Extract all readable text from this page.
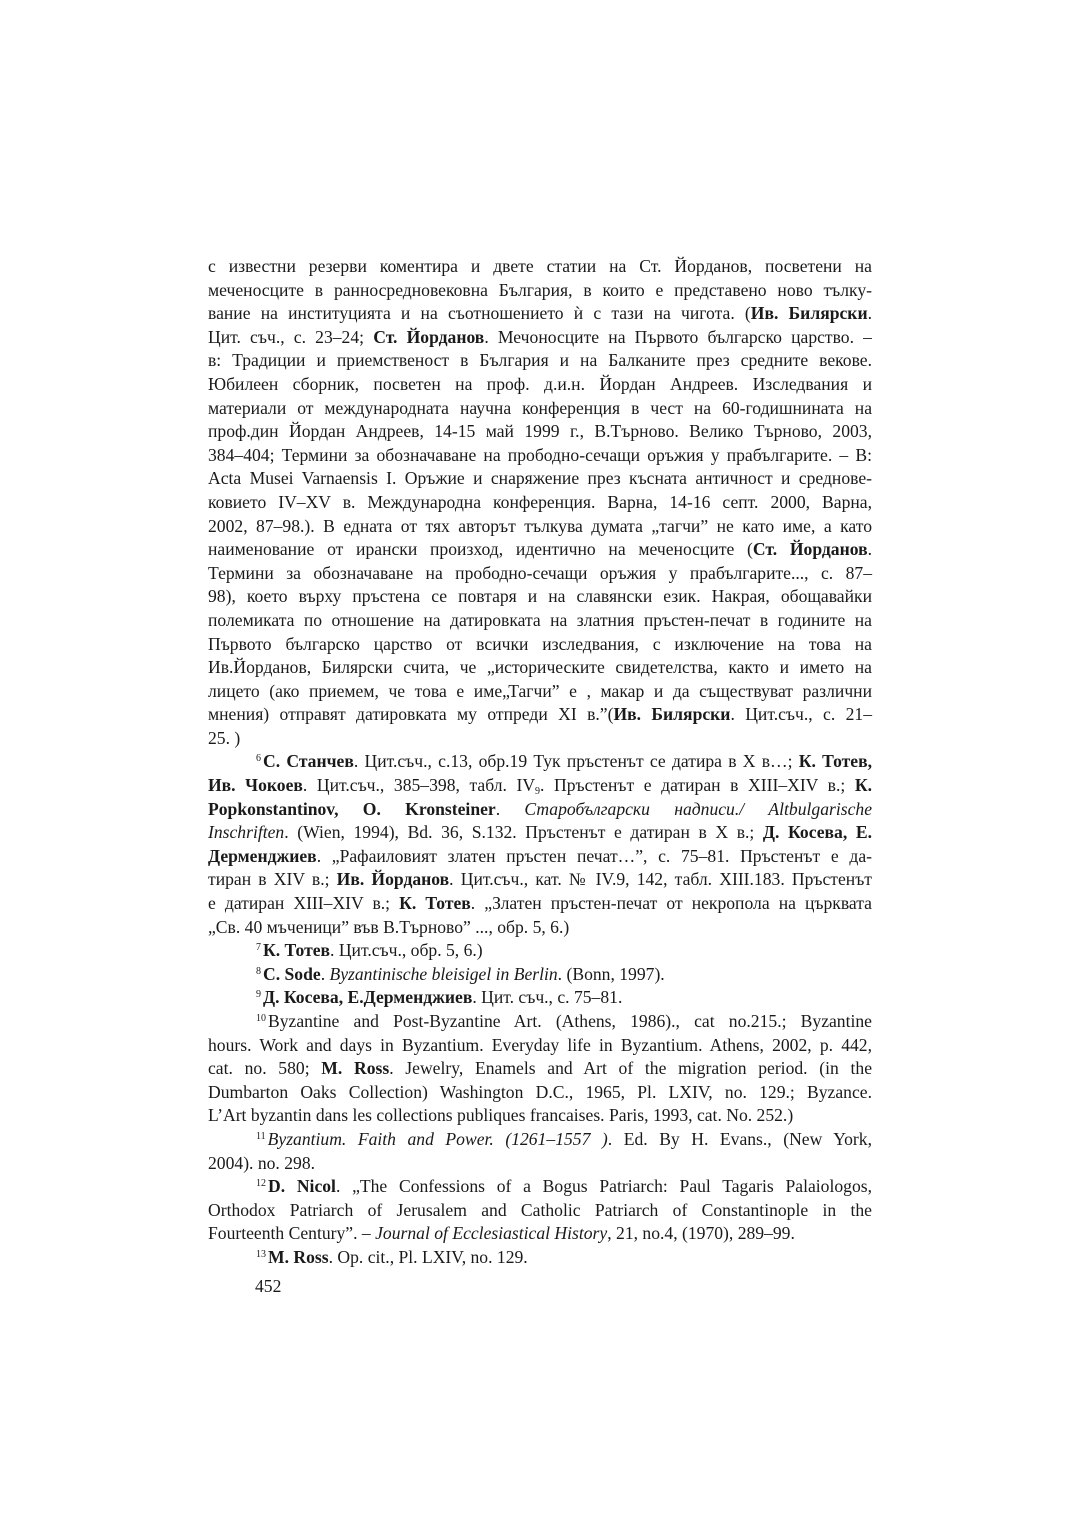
с известни резерви коментира и двете статии на Ст. Йорданов, посветени на
меченосците в ранносредновековна България, в които е представено ново тълку-
вание на институцията и на съотношението ѝ с тази на чигота. (Ив. Билярски.
Цит. съч., с. 23–24; Ст. Йорданов. Мечоносците на Първото българско царство. –
в: Традиции и приемственост в България и на Балканите през средните векове.
Юбилеен сборник, посветен на проф. д.и.н. Йордан Андреев. Изследвания и
материали от международната научна конференция в чест на 60-годишнината на
проф.дин Йордан Андреев, 14-15 май 1999 г., В.Търново. Велико Търново, 2003,
384–404; Термини за обозначаване на прободно-сечащи оръжия у прабългарите. – В:
Acta Musei Varnaensis I. Оръжие и снаряжение през късната античност и среднове-
ковието IV–XV в. Международна конференция. Варна, 14-16 септ. 2000, Варна,
2002, 87–98.). В едната от тях авторът тълкува думата „тагчи” не като име, а като
наименование от ирански произход, идентично на меченосците (Ст. Йорданов.
Термини за обозначаване на прободно-сечащи оръжия у прабългарите..., с. 87–
98), което върху пръстена се повтаря и на славянски език. Накрая, обощавайки
полемиката по отношение на датировката на златния пръстен-печат в годините на
Първото българско царство от всички изследвания, с изключение на това на
Ив.Йорданов, Билярски счита, че „историческите свидетелства, както и името на
лицето (ако приемем, че това е име„Тагчи” е , макар и да съществуват различни
мнения) отправят датировката му отпреди XI в.”(Ив. Билярски. Цит.съч., с. 21–
25. )
$^6$ С. Станчев. Цит.съч., с.13, обр.19 Тук пръстенът се датира в Х в…; К. Тотев,
Ив. Чокоев. Цит.съч., 385–398, табл. $IV_9$. Пръстенът е датиран в XIII–XIV в.; К.
Popkonstantinov, O. Kronsteiner. Старобългарски надписи./ Altbulgarische
Inschriften. (Wien, 1994), Bd. 36, S.132. Пръстенът е датиран в X в.; Д. Косева, Е.
Дерменджиев. „Рафаиловият златен пръстен печат…”, с. 75–81. Пръстенът е да-
тиран в XIV в.; Ив. Йорданов. Цит.съч., кат. № IV.9, 142, табл. XIII.183. Пръстенът
е датиран XIII–XIV в.; К. Тотев. „Златен пръстен-печат от некропола на църквата
„Св. 40 мъченици” във В.Търново” ..., обр. 5, 6.)
$^7$ К. Тотев. Цит.съч., обр. 5, 6.)
$^8$ C. Sode. Byzantinische bleisigel in Berlin. (Bonn, 1997).
$^9$ Д. Косева, Е.Дерменджиев. Цит. съч., с. 75–81.
$^{10}$ Byzantine and Post-Byzantine Art. (Athens, 1986)., cat no.215.; Byzantine
hours. Work and days in Byzantium. Everyday life in Byzantium. Athens, 2002, p. 442,
cat. no. 580; M. Ross. Jewelry, Enamels and Art of the migration period. (in the
Dumbarton Oaks Collection) Washington D.C., 1965, Pl. LXIV, no. 129.; Byzance.
L’Art byzantin dans les collections publiques francaises. Paris, 1993, cat. No. 252.)
$^{11}$ Byzantium. Faith and Power. (1261–1557 ). Ed. By H. Evans., (New York,
2004). no. 298.
$^{12}$ D. Nicol. „The Confessions of a Bogus Patriarch: Paul Tagaris Palaiologos,
Orthodox Patriarch of Jerusalem and Catholic Patriarch of Constantinople in the
Fourteenth Century”. – Journal of Ecclesiastical History, 21, no.4, (1970), 289–99.
$^{13}$ M. Ross. Op. cit., Pl. LXIV, no. 129.
452
